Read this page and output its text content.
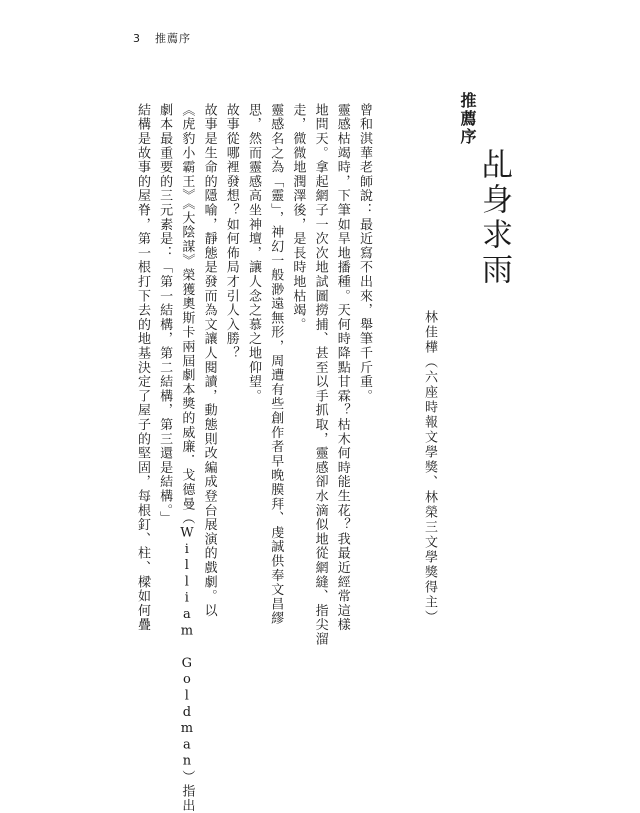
3 推薦序
推薦序
乩身求雨
林佳樺（六座時報文學獎、林榮三文學獎得主）

曾和淇華老師說：最近寫不出來，舉筆千斤重。

靈感枯竭時，下筆如旱地播種。天何時降點甘霖？枯木何時能生花？我最近經常這樣

地問天。拿起網子一次次地試圖撈捕、甚至以手抓取，靈感卻水滴似地從網縫、指尖溜

走，微微地潤澤後，是長時地枯竭。

靈感名之為「靈」，神幻一般渺遠無形，周遭有些創作者早晚膜拜、虔誠供奉文昌繆

思，然而靈感高坐神壇，讓人念之慕之地仰望。

故事從哪裡發想？如何佈局才引人入勝？

故事是生命的隱喻，靜態是發而為文讓人閱讀，動態則改編成登台展演的戲劇。以

《虎豹小霸王》《大陰謀》榮獲奧斯卡兩屆劇本獎的威廉．戈德曼（William Goldman）指出

劇本最重要的三元素是：「第一結構，第二結構，第三還是結構。」

結構是故事的屋脊，第一根打下去的地基決定了屋子的堅固，每根釘、柱、樑如何疊
